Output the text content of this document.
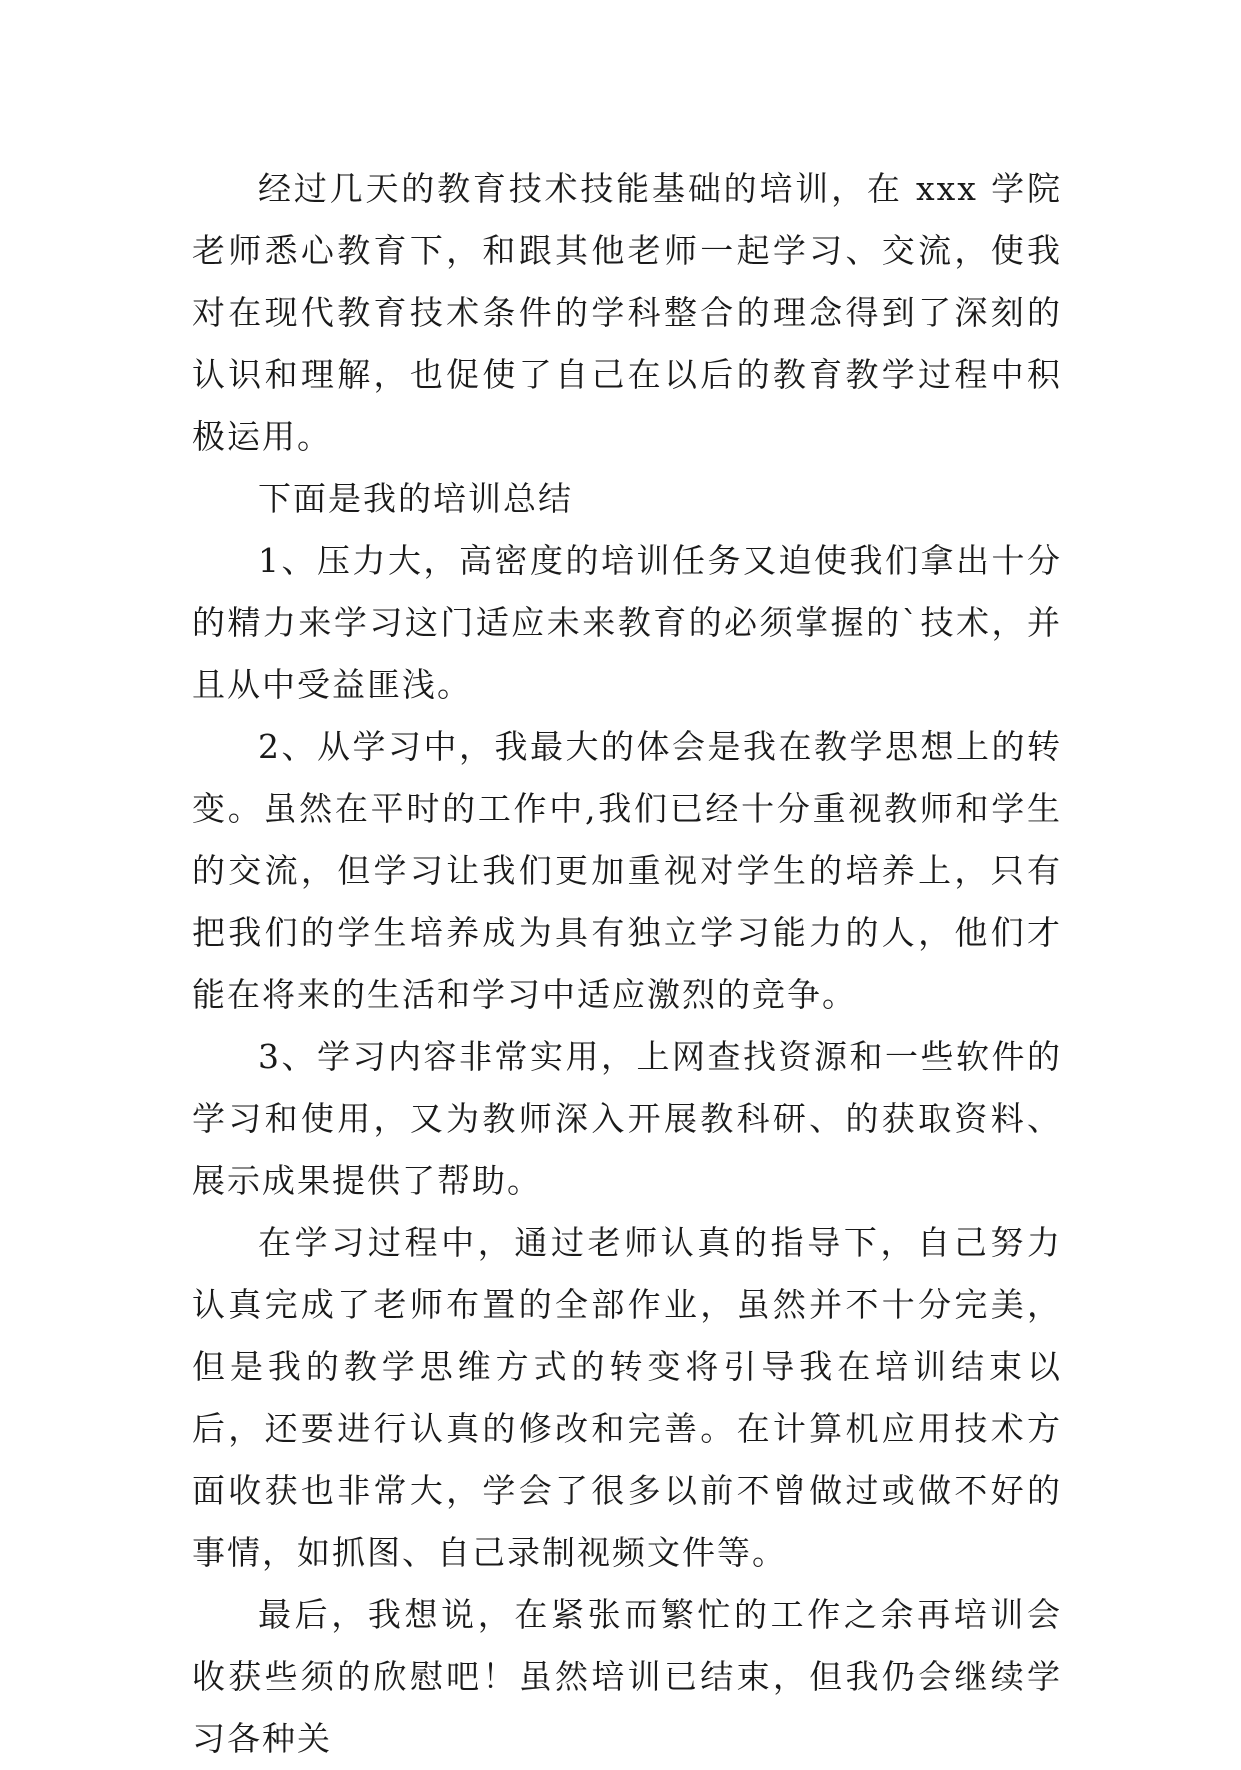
经过几天的教育技术技能基础的培训，在 xxx 学院老师悉心教育下，和跟其他老师一起学习、交流，使我对在现代教育技术条件的学科整合的理念得到了深刻的认识和理解，也促使了自己在以后的教育教学过程中积极运用。

下面是我的培训总结

1、压力大，高密度的培训任务又迫使我们拿出十分的精力来学习这门适应未来教育的必须掌握的`技术，并且从中受益匪浅。

2、从学习中，我最大的体会是我在教学思想上的转变。虽然在平时的工作中,我们已经十分重视教师和学生的交流，但学习让我们更加重视对学生的培养上，只有把我们的学生培养成为具有独立学习能力的人，他们才能在将来的生活和学习中适应激烈的竞争。

3、学习内容非常实用，上网查找资源和一些软件的学习和使用，又为教师深入开展教科研、的获取资料、展示成果提供了帮助。

在学习过程中，通过老师认真的指导下，自己努力认真完成了老师布置的全部作业，虽然并不十分完美，但是我的教学思维方式的转变将引导我在培训结束以后，还要进行认真的修改和完善。在计算机应用技术方面收获也非常大，学会了很多以前不曾做过或做不好的事情，如抓图、自己录制视频文件等。

最后，我想说，在紧张而繁忙的工作之余再培训会收获些须的欣慰吧！虽然培训已结束，但我仍会继续学习各种关
